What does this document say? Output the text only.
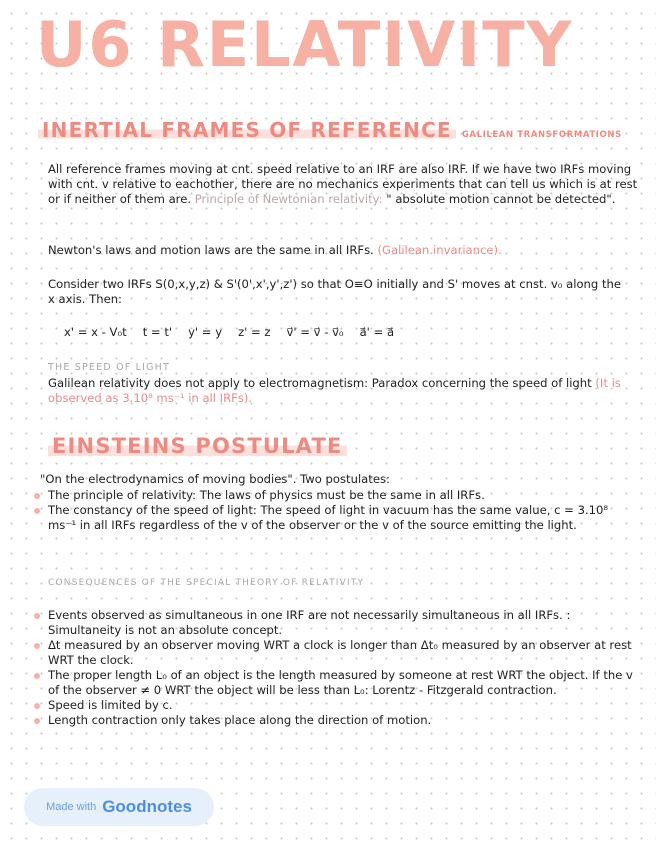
U6 RELATIVITY
INERTIAL FRAMES OF REFERENCE	GALILEAN TRANSFORMATIONS
All reference frames moving at cnt. speed relative to an IRF are also IRF. If we have two IRFs moving with cnt. v relative to eachother, there are no mechanics experiments that can tell us which is at rest or if neither of them are. Principle of Newtonian relativity: " absolute motion cannot be detected".
Newton's laws and motion laws are the same in all IRFs. (Galilean invariance).
Consider two IRFs S(0,x,y,z) & S'(0',x',y',z') so that O≡O initially and S' moves at cnst. v₀ along the x axis. Then:
x' = x - V₀t t = t' y' = y z' = z v⃗' = v⃗ - v⃗₀ a⃗' = a⃗
THE SPEED OF LIGHT
Galilean relativity does not apply to electromagnetism: Paradox concerning the speed of light (It is observed as 3.10⁸ ms⁻¹ in all IRFs).
EINSTEINS POSTULATE
"On the electrodynamics of moving bodies". Two postulates:
The principle of relativity: The laws of physics must be the same in all IRFs.
The constancy of the speed of light: The speed of light in vacuum has the same value, c = 3.10⁸ ms⁻¹ in all IRFs regardless of the v of the observer or the v of the source emitting the light.
CONSEQUENCES OF THE SPECIAL THEORY OF RELATIVITY
Events observed as simultaneous in one IRF are not necessarily simultaneous in all IRFs. : Simultaneity is not an absolute concept.
Δt measured by an observer moving WRT a clock is longer than Δt₀ measured by an observer at rest WRT the clock.
The proper length L₀ of an object is the length measured by someone at rest WRT the object. If the v of the observer ≠ 0 WRT the object will be less than L₀: Lorentz - Fitzgerald contraction.
Speed is limited by c.
Length contraction only takes place along the direction of motion.
Made with Goodnotes
